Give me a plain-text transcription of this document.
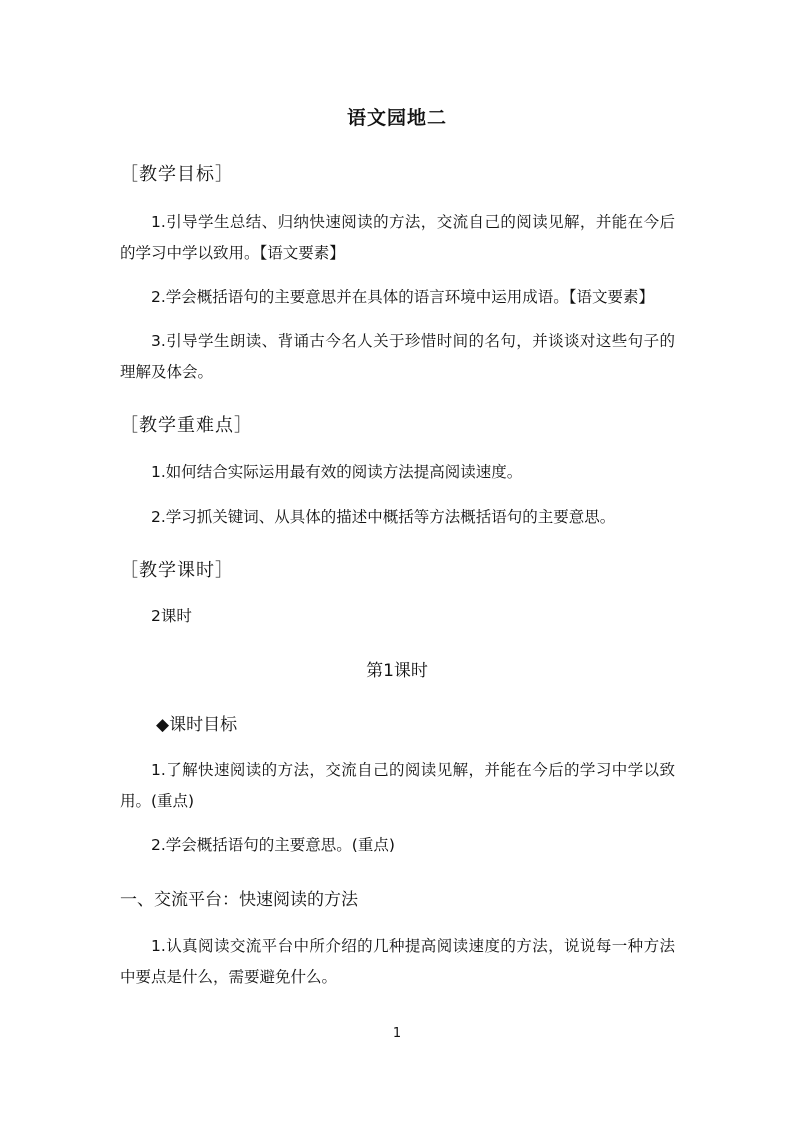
语文园地二
［教学目标］

1.引导学生总结、归纳快速阅读的方法，交流自己的阅读见解，并能在今后的学习中学以致用。【语文要素】

2.学会概括语句的主要意思并在具体的语言环境中运用成语。【语文要素】

3.引导学生朗读、背诵古今名人关于珍惜时间的名句，并谈谈对这些句子的理解及体会。

［教学重难点］

1.如何结合实际运用最有效的阅读方法提高阅读速度。

2.学习抓关键词、从具体的描述中概括等方法概括语句的主要意思。

［教学课时］

2课时

第1课时
◆课时目标

1.了解快速阅读的方法，交流自己的阅读见解，并能在今后的学习中学以致用。(重点)

2.学会概括语句的主要意思。(重点)

一、交流平台：快速阅读的方法

1.认真阅读交流平台中所介绍的几种提高阅读速度的方法，说说每一种方法中要点是什么，需要避免什么。

1
